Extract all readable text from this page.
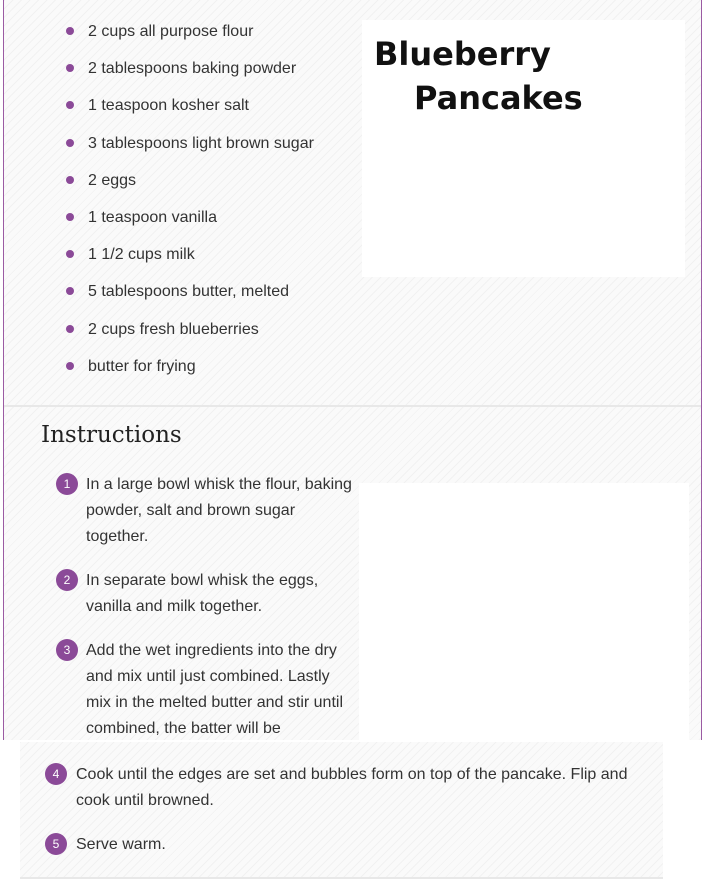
2 cups all purpose flour
2 tablespoons baking powder
1 teaspoon kosher salt
3 tablespoons light brown sugar
2 eggs
1 teaspoon vanilla
1 1/2 cups milk
5 tablespoons butter, melted
2 cups fresh blueberries
butter for frying
Blueberry
Pancakes
Instructions
1 In a large bowl whisk the flour, baking powder, salt and brown sugar together.
2 In separate bowl whisk the eggs, vanilla and milk together.
3 Add the wet ingredients into the dry and mix until just combined. Lastly mix in the melted butter and stir until combined, the batter will be
4	Cook until the edges are set and bubbles form on top of the pancake. Flip and cook until browned.
5	Serve warm.
